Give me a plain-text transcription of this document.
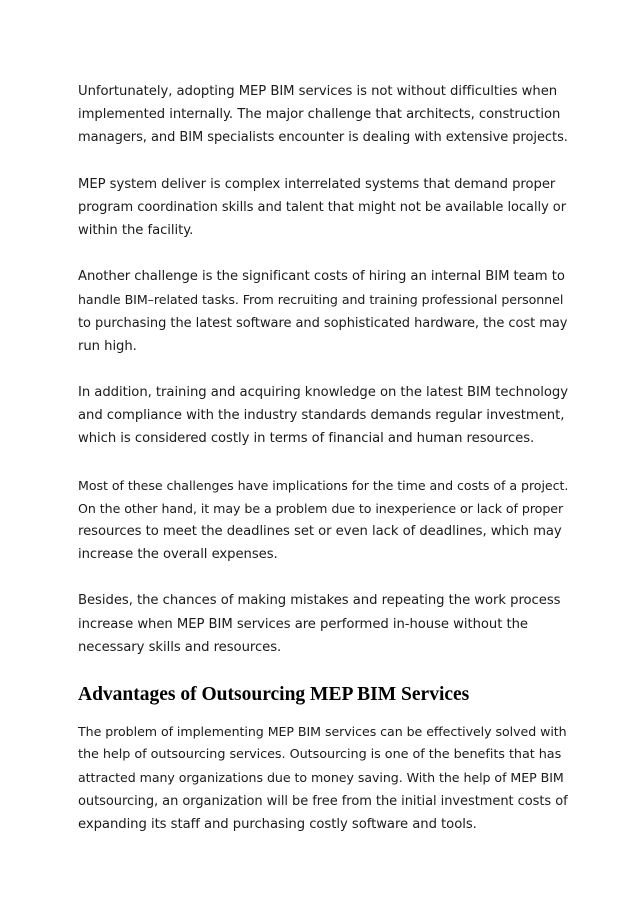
Unfortunately, adopting MEP BIM services is not without difficulties when
implemented internally. The major challenge that architects, construction
managers, and BIM specialists encounter is dealing with extensive projects.

MEP system deliver is complex interrelated systems that demand proper
program coordination skills and talent that might not be available locally or
within the facility.

Another challenge is the significant costs of hiring an internal BIM team to
handle BIM–related tasks. From recruiting and training professional personnel
to purchasing the latest software and sophisticated hardware, the cost may
run high.

In addition, training and acquiring knowledge on the latest BIM technology
and compliance with the industry standards demands regular investment,
which is considered costly in terms of financial and human resources.

Most of these challenges have implications for the time and costs of a project.
On the other hand, it may be a problem due to inexperience or lack of proper
resources to meet the deadlines set or even lack of deadlines, which may
increase the overall expenses.

Besides, the chances of making mistakes and repeating the work process
increase when MEP BIM services are performed in-house without the
necessary skills and resources.

Advantages of Outsourcing MEP BIM Services

The problem of implementing MEP BIM services can be effectively solved with
the help of outsourcing services. Outsourcing is one of the benefits that has
attracted many organizations due to money saving. With the help of MEP BIM
outsourcing, an organization will be free from the initial investment costs of
expanding its staff and purchasing costly software and tools.
